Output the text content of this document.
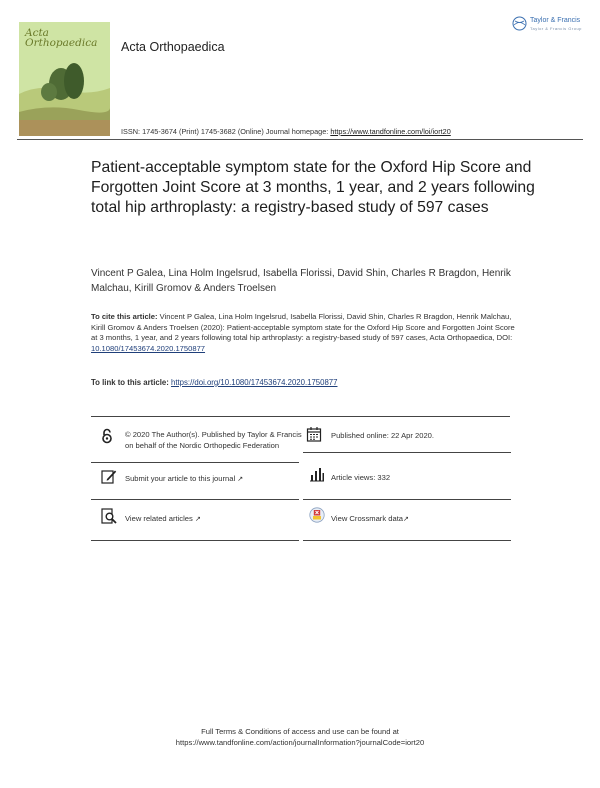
Acta
Orthopaedica Acta Orthopaedica
Taylor & Francis
Taylor & Francis Group
ISSN: 1745-3674 (Print) 1745-3682 (Online) Journal homepage: https://www.tandfonline.com/loi/iort20
Patient-acceptable symptom state for the Oxford Hip Score and Forgotten Joint Score at 3 months, 1 year, and 2 years following total hip arthroplasty: a registry-based study of 597 cases
Vincent P Galea, Lina Holm Ingelsrud, Isabella Florissi, David Shin, Charles R Bragdon, Henrik Malchau, Kirill Gromov & Anders Troelsen
To cite this article: Vincent P Galea, Lina Holm Ingelsrud, Isabella Florissi, David Shin, Charles R Bragdon, Henrik Malchau, Kirill Gromov & Anders Troelsen (2020): Patient-acceptable symptom state for the Oxford Hip Score and Forgotten Joint Score at 3 months, 1 year, and 2 years following total hip arthroplasty: a registry-based study of 597 cases, Acta Orthopaedica, DOI: 10.1080/17453674.2020.1750877
To link to this article: https://doi.org/10.1080/17453674.2020.1750877
© 2020 The Author(s). Published by Taylor & Francis on behalf of the Nordic Orthopedic Federation
Published online: 22 Apr 2020.
Submit your article to this journal ↗	Article views: 332
View related articles ↗	View Crossmark data↗
Full Terms & Conditions of access and use can be found at
https://www.tandfonline.com/action/journalInformation?journalCode=iort20
